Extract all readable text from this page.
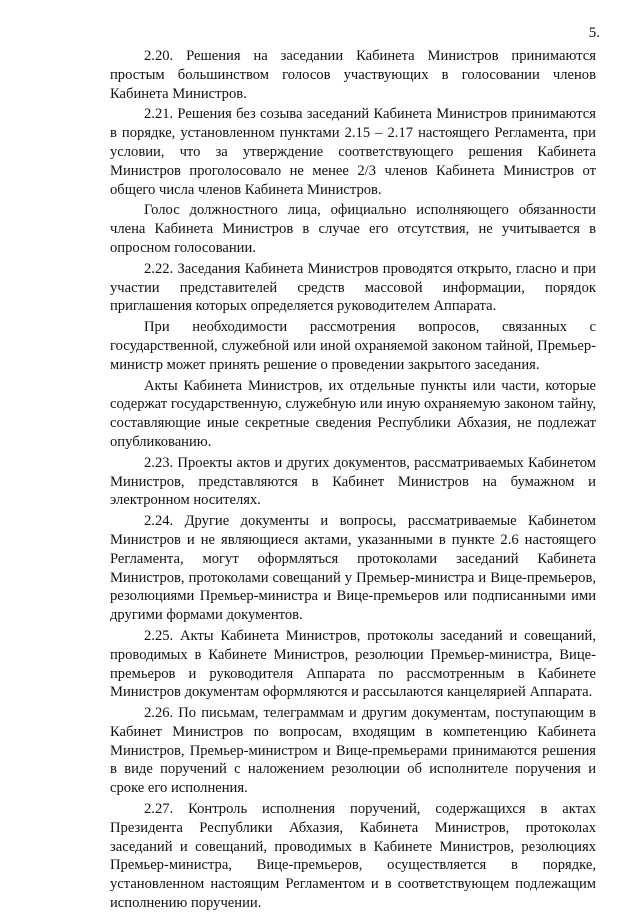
5.

2.20. Решения на заседании Кабинета Министров принимаются простым большинством голосов участвующих в голосовании членов Кабинета Министров.

2.21. Решения без созыва заседаний Кабинета Министров принимаются в порядке, установленном пунктами 2.15 – 2.17 настоящего Регламента, при условии, что за утверждение соответствующего решения Кабинета Министров проголосовало не менее 2/3 членов Кабинета Министров от общего числа членов Кабинета Министров.

Голос должностного лица, официально исполняющего обязанности члена Кабинета Министров в случае его отсутствия, не учитывается в опросном голосовании.

2.22. Заседания Кабинета Министров проводятся открыто, гласно и при участии представителей средств массовой информации, порядок приглашения которых определяется руководителем Аппарата.

При необходимости рассмотрения вопросов, связанных с государственной, служебной или иной охраняемой законом тайной, Премьер-министр может принять решение о проведении закрытого заседания.

Акты Кабинета Министров, их отдельные пункты или части, которые содержат государственную, служебную или иную охраняемую законом тайну, составляющие иные секретные сведения Республики Абхазия, не подлежат опубликованию.

2.23. Проекты актов и других документов, рассматриваемых Кабинетом Министров, представляются в Кабинет Министров на бумажном и электронном носителях.

2.24. Другие документы и вопросы, рассматриваемые Кабинетом Министров и не являющиеся актами, указанными в пункте 2.6 настоящего Регламента, могут оформляться протоколами заседаний Кабинета Министров, протоколами совещаний у Премьер-министра и Вице-премьеров, резолюциями Премьер-министра и Вице-премьеров или подписанными ими другими формами документов.

2.25. Акты Кабинета Министров, протоколы заседаний и совещаний, проводимых в Кабинете Министров, резолюции Премьер-министра, Вице-премьеров и руководителя Аппарата по рассмотренным в Кабинете Министров документам оформляются и рассылаются канцелярией Аппарата.

2.26. По письмам, телеграммам и другим документам, поступающим в Кабинет Министров по вопросам, входящим в компетенцию Кабинета Министров, Премьер-министром и Вице-премьерами принимаются решения в виде поручений с наложением резолюции об исполнителе поручения и сроке его исполнения.

2.27. Контроль исполнения поручений, содержащихся в актах Президента Республики Абхазия, Кабинета Министров, протоколах заседаний и совещаний, проводимых в Кабинете Министров, резолюциях Премьер-министра, Вице-премьеров, осуществляется в порядке, установленном настоящим Регламентом и в соответствующем подлежащим исполнению поручении.
